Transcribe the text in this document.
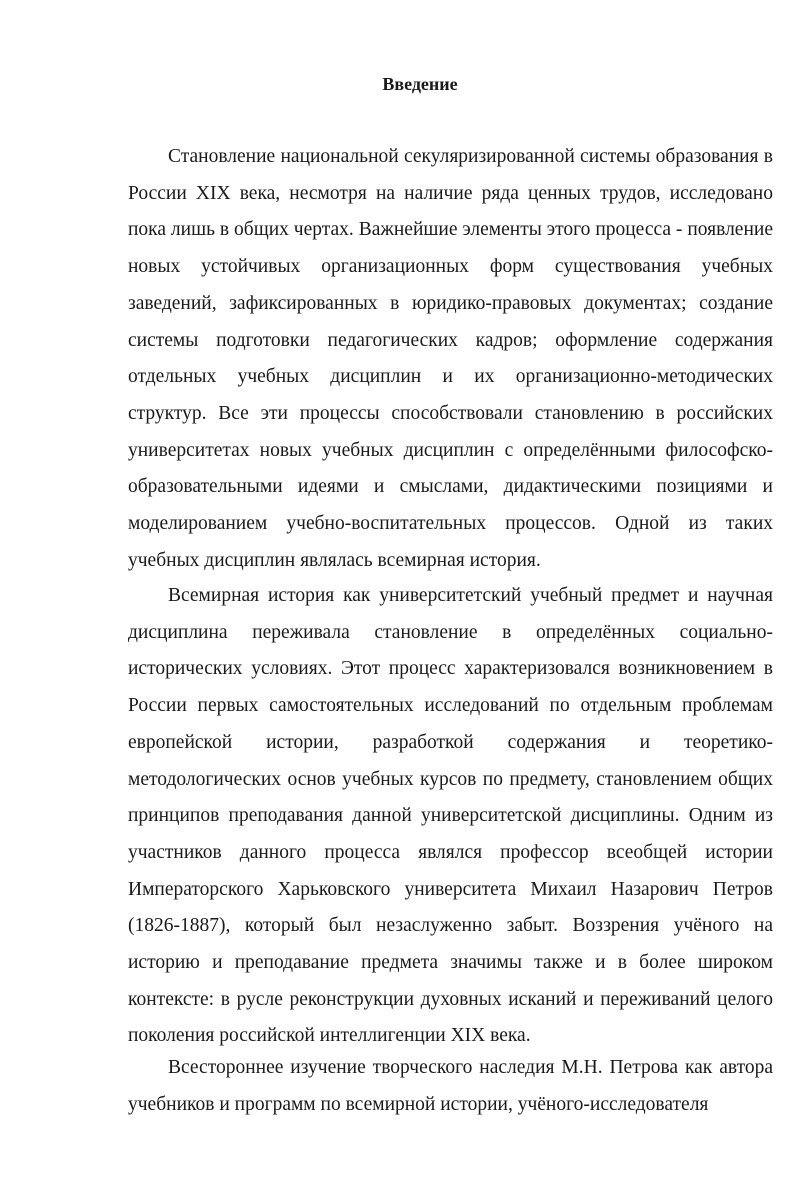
Введение

Становление национальной секуляризированной системы образования в России XIX века, несмотря на наличие ряда ценных трудов, исследовано пока лишь в общих чертах. Важнейшие элементы этого процесса - появление новых устойчивых организационных форм существования учебных заведений, зафиксированных в юридико-правовых документах; создание системы подготовки педагогических кадров; оформление содержания отдельных учебных дисциплин и их организационно-методических структур. Все эти процессы способствовали становлению в российских университетах новых учебных дисциплин с определёнными философско-образовательными идеями и смыслами, дидактическими позициями и моделированием учебно-воспитательных процессов. Одной из таких учебных дисциплин являлась всемирная история.

Всемирная история как университетский учебный предмет и научная дисциплина переживала становление в определённых социально-исторических условиях. Этот процесс характеризовался возникновением в России первых самостоятельных исследований по отдельным проблемам европейской истории, разработкой содержания и теоретико-методологических основ учебных курсов по предмету, становлением общих принципов преподавания данной университетской дисциплины. Одним из участников данного процесса являлся профессор всеобщей истории Императорского Харьковского университета Михаил Назарович Петров (1826-1887), который был незаслуженно забыт. Воззрения учёного на историю и преподавание предмета значимы также и в более широком контексте: в русле реконструкции духовных исканий и переживаний целого поколения российской интеллигенции XIX века.

Всестороннее изучение творческого наследия М.Н. Петрова как автора учебников и программ по всемирной истории, учёного-исследователя
